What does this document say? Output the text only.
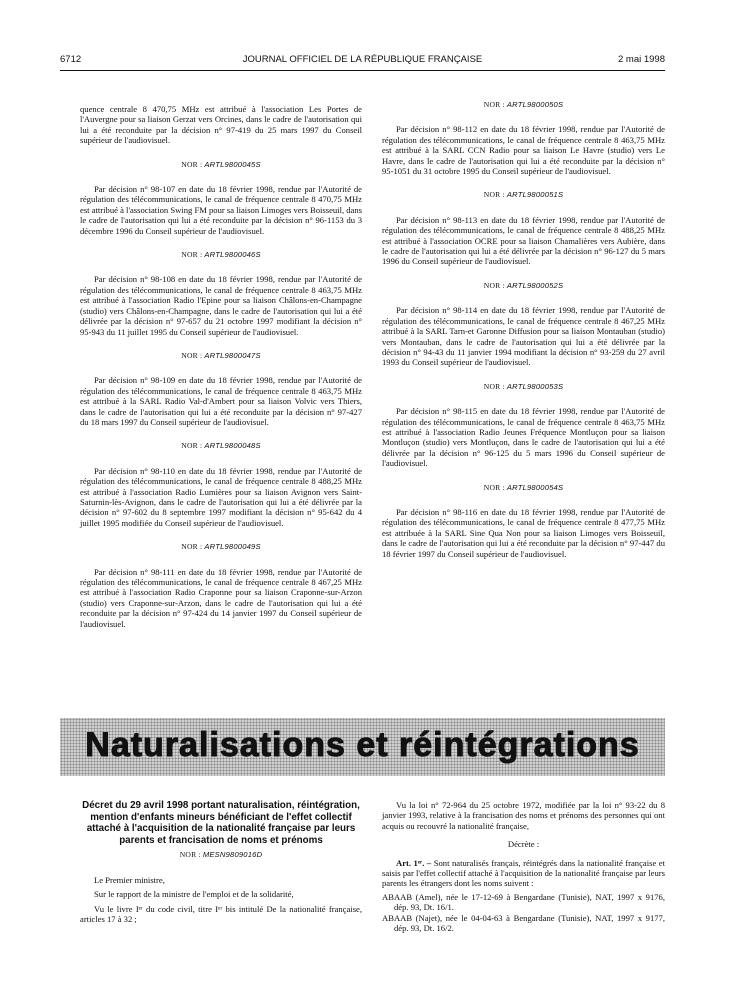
6712	JOURNAL OFFICIEL DE LA RÉPUBLIQUE FRANÇAISE	2 mai 1998

quence centrale 8 470,75 MHz est attribué à l'association Les Portes de l'Auvergne pour sa liaison Gerzat vers Orcines, dans le cadre de l'autorisation qui lui a été reconduite par la décision n° 97-419 du 25 mars 1997 du Conseil supérieur de l'audiovisuel.

NOR : ARTL9800045S

Par décision n° 98-107 en date du 18 février 1998, rendue par l'Autorité de régulation des télécommunications, le canal de fréquence centrale 8 470,75 MHz est attribué à l'association Swing FM pour sa liaison Limoges vers Boisseuil, dans le cadre de l'autorisation qui lui a été reconduite par la décision n° 96-1153 du 3 décembre 1996 du Conseil supérieur de l'audiovisuel.

NOR : ARTL9800046S

Par décision n° 98-108 en date du 18 février 1998, rendue par l'Autorité de régulation des télécommunications, le canal de fréquence centrale 8 463,75 MHz est attribué à l'association Radio l'Epine pour sa liaison Châlons-en-Champagne (studio) vers Châlons-en-Champagne, dans le cadre de l'autorisation qui lui a été délivrée par la décision n° 97-657 du 21 octobre 1997 modifiant la décision n° 95-943 du 11 juillet 1995 du Conseil supérieur de l'audiovisuel.

NOR : ARTL9800047S

Par décision n° 98-109 en date du 18 février 1998, rendue par l'Autorité de régulation des télécommunications, le canal de fréquence centrale 8 463,75 MHz est attribué à la SARL Radio Val-d'Ambert pour sa liaison Volvic vers Thiers, dans le cadre de l'autorisation qui lui a été reconduite par la décision n° 97-427 du 18 mars 1997 du Conseil supérieur de l'audiovisuel.

NOR : ARTL9800048S

Par décision n° 98-110 en date du 18 février 1998, rendue par l'Autorité de régulation des télécommunications, le canal de fréquence centrale 8 488,25 MHz est attribué à l'association Radio Lumières pour sa liaison Avignon vers Saint-Saturnin-lès-Avignon, dans le cadre de l'autorisation qui lui a été délivrée par la décision n° 97-602 du 8 septembre 1997 modifiant la décision n° 95-642 du 4 juillet 1995 modifiée du Conseil supérieur de l'audiovisuel.

NOR : ARTL9800049S

Par décision n° 98-111 en date du 18 février 1998, rendue par l'Autorité de régulation des télécommunications, le canal de fréquence centrale 8 467,25 MHz est attribué à l'association Radio Craponne pour sa liaison Craponne-sur-Arzon (studio) vers Craponne-sur-Arzon, dans le cadre de l'autorisation qui lui a été reconduite par la décision n° 97-424 du 14 janvier 1997 du Conseil supérieur de l'audiovisuel.

NOR : ARTL9800050S

Par décision n° 98-112 en date du 18 février 1998, rendue par l'Autorité de régulation des télécommunications, le canal de fréquence centrale 8 463,75 MHz est attribué à la SARL CCN Radio pour sa liaison Le Havre (studio) vers Le Havre, dans le cadre de l'autorisation qui lui a été reconduite par la décision n° 95-1051 du 31 octobre 1995 du Conseil supérieur de l'audiovisuel.

NOR : ARTL9800051S

Par décision n° 98-113 en date du 18 février 1998, rendue par l'Autorité de régulation des télécommunications, le canal de fréquence centrale 8 488,25 MHz est attribué à l'association OCRE pour sa liaison Chamalières vers Aubière, dans le cadre de l'autorisation qui lui a été délivrée par la décision n° 96-127 du 5 mars 1996 du Conseil supérieur de l'audiovisuel.

NOR : ARTL9800052S

Par décision n° 98-114 en date du 18 février 1998, rendue par l'Autorité de régulation des télécommunications, le canal de fréquence centrale 8 467,25 MHz attribué à la SARL Tarn-et Garonne Diffusion pour sa liaison Montauban (studio) vers Montauban, dans le cadre de l'autorisation qui lui a été délivrée par la décision n° 94-43 du 11 janvier 1994 modifiant la décision n° 93-259 du 27 avril 1993 du Conseil supérieur de l'audiovisuel.

NOR : ARTL9800053S

Par décision n° 98-115 en date du 18 février 1998, rendue par l'Autorité de régulation des télécommunications, le canal de fréquence centrale 8 463,75 MHz est attribué à l'association Radio Jeunes Fréquence Montluçon pour sa liaison Montluçon (studio) vers Montluçon, dans le cadre de l'autorisation qui lui a été délivrée par la décision n° 96-125 du 5 mars 1996 du Conseil supérieur de l'audiovisuel.

NOR : ARTL9800054S

Par décision n° 98-116 en date du 18 février 1998, rendue par l'Autorité de régulation des télécommunications, le canal de fréquence centrale 8 477,75 MHz est attribuée à la SARL Sine Qua Non pour sa liaison Limoges vers Boisseuil, dans le cadre de l'autorisation qui lui a été reconduite par la décision n° 97-447 du 18 février 1997 du Conseil supérieur de l'audiovisuel.

Naturalisations et réintégrations

Décret du 29 avril 1998 portant naturalisation, réintégration, mention d'enfants mineurs bénéficiant de l'effet collectif attaché à l'acquisition de la nationalité française par leurs parents et francisation de noms et prénoms

NOR : MESN9809016D

Le Premier ministre,

Sur le rapport de la ministre de l'emploi et de la solidarité,

Vu le livre Iᵉʳ du code civil, titre Iᵉʳ bis intitulé De la nationalité française, articles 17 à 32 ;

Vu la loi n° 72-964 du 25 octobre 1972, modifiée par la loi n° 93-22 du 8 janvier 1993, relative à la francisation des noms et prénoms des personnes qui ont acquis ou recouvré la nationalité française,

Décrète :

Art. 1ᵉʳ. – Sont naturalisés français, réintégrés dans la nationalité française et saisis par l'effet collectif attaché à l'acquisition de la nationalité française par leurs parents les étrangers dont les noms suivent :

ABAAB (Amel), née le 17-12-69 à Bengardane (Tunisie), NAT, 1997 x 9176, dép. 93, Dt. 16/1.

ABAAB (Najet), née le 04-04-63 à Bengardane (Tunisie), NAT, 1997 x 9177, dép. 93, Dt. 16/2.
